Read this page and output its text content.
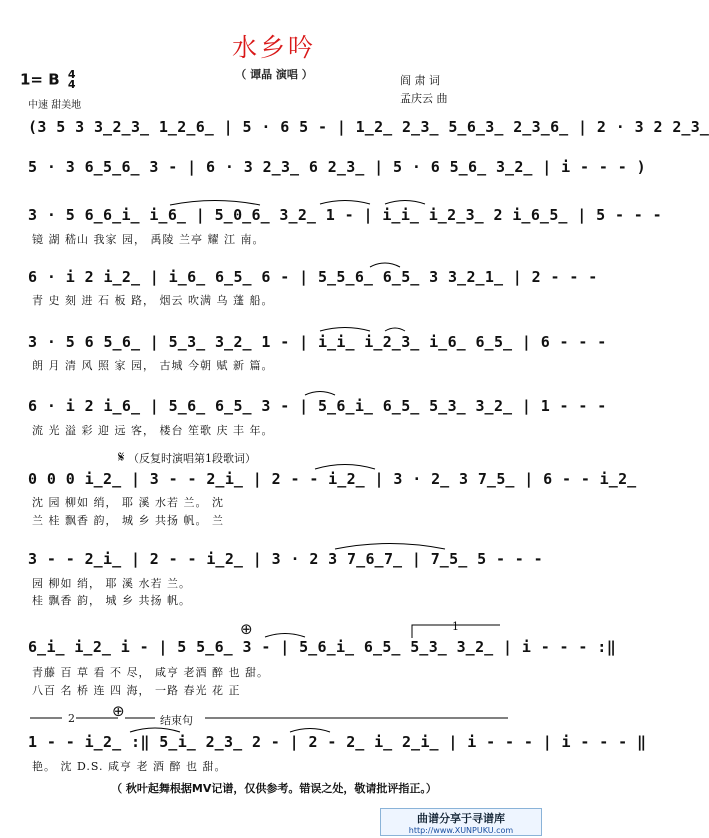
水乡吟
（ 谭晶 演唱 ）
1= B 4
4
中速 甜美地
阎 肃 词
孟庆云 曲
(3 5 3 3̲2̲3̲ 1̲2̲6̲ | 5 · 6 5 - | 1̲2̲ 2̲3̲ 5̲6̲3̲ 2̲3̲6̲ | 2 · 3 2 2̲3̲
5 · 3 6̲5̲6̲ 3 - | 6 · 3 2̲3̲ 6 2̲3̲ | 5 · 6 5̲6̲ 3̲2̲ | i - - - )
3 · 5 6̲6̲i̲ i̲6̲ | 5̲0̲6̲ 3̲2̲ 1 - | i̲i̲ i̲2̲3̲ 2 i̲6̲5̲ | 5 - - -
镜 湖 嵇山 我家 园， 禹陵 兰亭 耀 江 南。
6 · i 2 i̲2̲ | i̲6̲ 6̲5̲ 6 - | 5̲5̲6̲ 6̲5̲ 3 3̲2̲1̲ | 2 - - -
青 史 刻 进 石 板 路， 烟云 吹满 乌 蓬 船。
3 · 5 6 5̲6̲ | 5̲3̲ 3̲2̲ 1 - | i̲i̲ i̲2̲3̲ i̲6̲ 6̲5̲ | 6 - - -
朗 月 清 风 照 家 园， 古城 今朝 赋 新 篇。
6 · i 2 i̲6̲ | 5̲6̲ 6̲5̲ 3 - | 5̲6̲i̲ 6̲5̲ 5̲3̲ 3̲2̲ | 1 - - -
流 光 溢 彩 迎 远 客， 楼台 笙歌 庆 丰 年。
𝄋 （反复时演唱第1段歌词）
0 0 0 i̲2̲ | 3 - - 2̲i̲ | 2 - - i̲2̲ | 3 · 2̲ 3 7̲5̲ | 6 - - i̲2̲
沈 园 柳如 绡， 耶 溪 水若 兰。 沈
兰 桂 飘香 韵， 城 乡 共扬 帆。 兰
3 - - 2̲i̲ | 2 - - i̲2̲ | 3 · 2 3 7̲6̲7̲ | 7̲5̲ 5 - - -
园 柳如 绡， 耶 溪 水若 兰。
桂 飘香 韵， 城 乡 共扬 帆。
⊕	1
6̲i̲ i̲2̲ i - | 5 5̲6̲ 3 - | 5̲6̲i̲ 6̲5̲ 5̲3̲ 3̲2̲ | i - - - :‖
青藤 百 草 看 不 尽， 咸亨 老酒 醉 也 甜。
八百 名 桥 连 四 海， 一路 春光 花 正
2 ⊕
结束句
1 - - i̲2̲ :‖ 5̲i̲ 2̲3̲ 2 - | 2 - 2̲ i̲ 2̲i̲ | i - - - | i - - - ‖
艳。 沈 D.S. 咸亨 老 酒 醉 也 甜。
（ 秋叶起舞根据MV记谱，仅供参考。错误之处，敬请批评指正。）
曲谱分享于寻谱库
http://www.XUNPUKU.com
